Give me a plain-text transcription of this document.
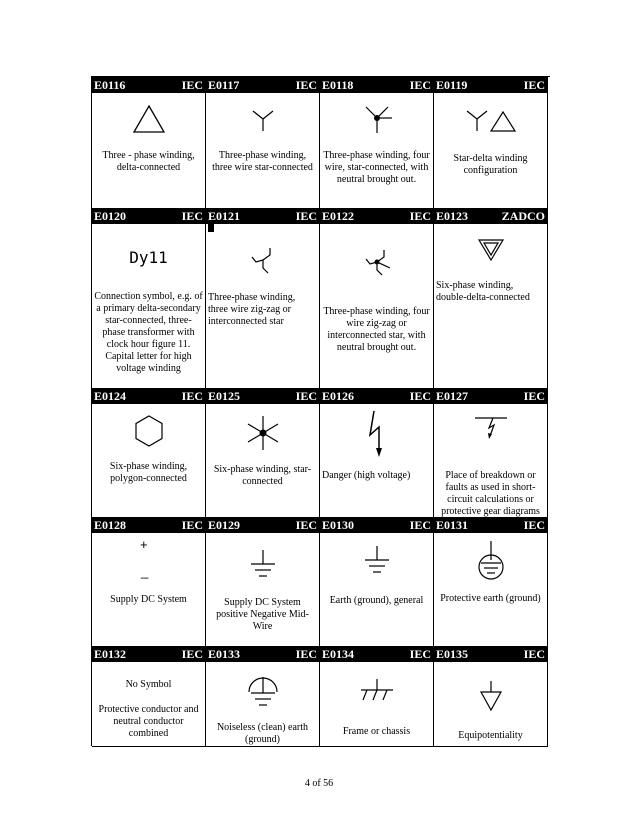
E0116	IEC
Three - phase winding, delta-connected
E0117	IEC
Three-phase winding, three wire star-connected
E0118	IEC
Three-phase winding, four wire, star-connected, with neutral brought out.
E0119	IEC
Star-delta winding configuration
E0120	IEC
Dy11
Connection symbol, e.g. of a primary delta-secondary star-connected, three-phase transformer with clock hour figure 11. Capital letter for high voltage winding
E0121	IEC
Three-phase winding, three wire zig-zag or interconnected star
E0122	IEC
Three-phase winding, four wire zig-zag or interconnected star, with neutral brought out.
E0123	ZADCO
Six-phase winding, double-delta-connected
E0124	IEC
Six-phase winding, polygon-connected
E0125	IEC
Six-phase winding, star-connected
E0126	IEC
Danger (high voltage)
E0127	IEC
Place of breakdown or faults as used in short-circuit calculations or protective gear diagrams
E0128	IEC
+
_
Supply DC System
E0129	IEC
Supply DC System positive Negative Mid-Wire
E0130	IEC
Earth (ground), general
E0131	IEC
Protective earth (ground)
E0132	IEC
No Symbol
Protective conductor and neutral conductor combined
E0133	IEC
Noiseless (clean) earth (ground)
E0134	IEC
Frame or chassis
E0135	IEC
Equipotentiality
4 of 56
